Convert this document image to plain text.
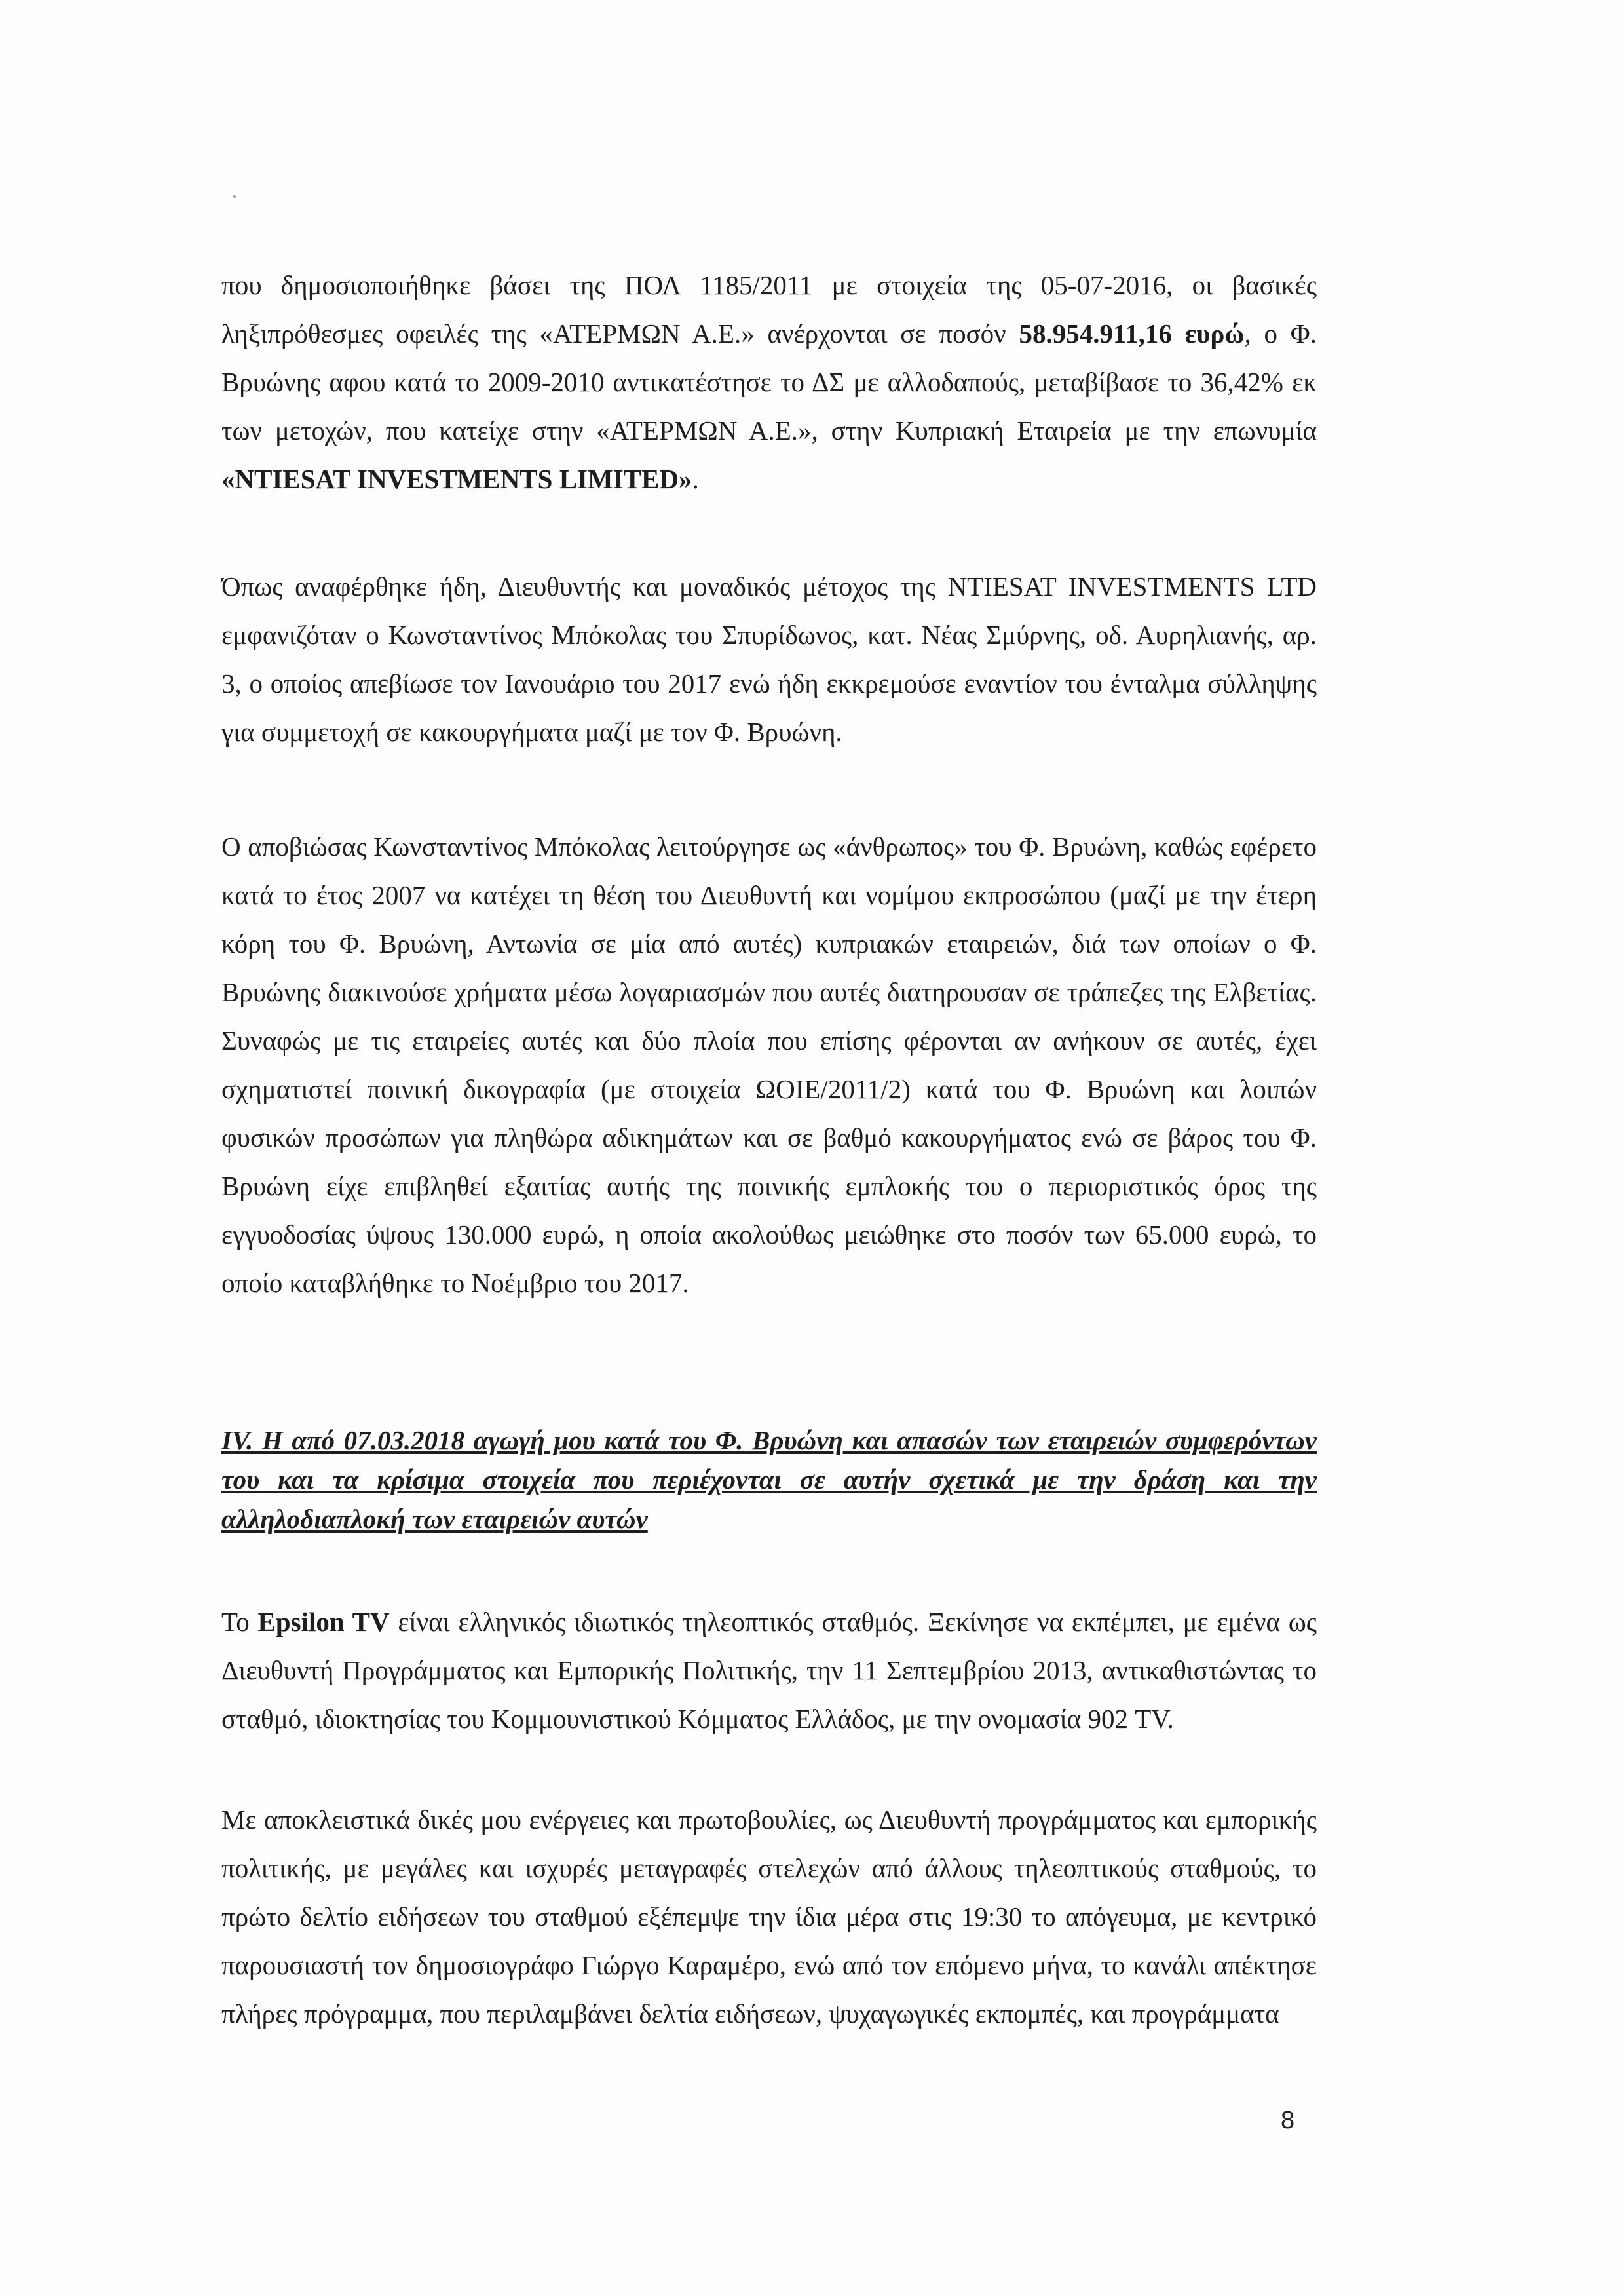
που δημοσιοποιήθηκε βάσει της ΠΟΛ 1185/2011 με στοιχεία της 05-07-2016, οι βασικές ληξιπρόθεσμες οφειλές της «ΑΤΕΡΜΩΝ Α.Ε.» ανέρχονται σε ποσόν 58.954.911,16 ευρώ, ο Φ. Βρυώνης αφου κατά το 2009-2010 αντικατέστησε το ΔΣ με αλλοδαπούς, μεταβίβασε το 36,42% εκ των μετοχών, που κατείχε στην «ΑΤΕΡΜΩΝ Α.Ε.», στην Κυπριακή Εταιρεία με την επωνυμία «NTIESAT INVESTMENTS LIMITED».

Όπως αναφέρθηκε ήδη, Διευθυντής και μοναδικός μέτοχος της NTIESAT INVESTMENTS LTD εμφανιζόταν ο Κωνσταντίνος Μπόκολας του Σπυρίδωνος, κατ. Νέας Σμύρνης, οδ. Αυρηλιανής, αρ. 3, ο οποίος απεβίωσε τον Ιανουάριο του 2017 ενώ ήδη εκκρεμούσε εναντίον του ένταλμα σύλληψης για συμμετοχή σε κακουργήματα μαζί με τον Φ. Βρυώνη.

Ο αποβιώσας Κωνσταντίνος Μπόκολας λειτούργησε ως «άνθρωπος» του Φ. Βρυώνη, καθώς εφέρετο κατά το έτος 2007 να κατέχει τη θέση του Διευθυντή και νομίμου εκπροσώπου (μαζί με την έτερη κόρη του Φ. Βρυώνη, Αντωνία σε μία από αυτές) κυπριακών εταιρειών, διά των οποίων ο Φ. Βρυώνης διακινούσε χρήματα μέσω λογαριασμών που αυτές διατηρουσαν σε τράπεζες της Ελβετίας. Συναφώς με τις εταιρείες αυτές και δύο πλοία που επίσης φέρονται αν ανήκουν σε αυτές, έχει σχηματιστεί ποινική δικογραφία (με στοιχεία ΩΟΙΕ/2011/2) κατά του Φ. Βρυώνη και λοιπών φυσικών προσώπων για πληθώρα αδικημάτων και σε βαθμό κακουργήματος ενώ σε βάρος του Φ. Βρυώνη είχε επιβληθεί εξαιτίας αυτής της ποινικής εμπλοκής του ο περιοριστικός όρος της εγγυοδοσίας ύψους 130.000 ευρώ, η οποία ακολούθως μειώθηκε στο ποσόν των 65.000 ευρώ, το οποίο καταβλήθηκε το Νοέμβριο του 2017.

IV. Η από 07.03.2018 αγωγή μου κατά του Φ. Βρυώνη και απασών των εταιρειών συμφερόντων του και τα κρίσιμα στοιχεία που περιέχονται σε αυτήν σχετικά με την δράση και την αλληλοδιαπλοκή των εταιρειών αυτών

Το Epsilon TV είναι ελληνικός ιδιωτικός τηλεοπτικός σταθμός. Ξεκίνησε να εκπέμπει, με εμένα ως Διευθυντή Προγράμματος και Εμπορικής Πολιτικής, την 11 Σεπτεμβρίου 2013, αντικαθιστώντας το σταθμό, ιδιοκτησίας του Κομμουνιστικού Κόμματος Ελλάδος, με την ονομασία 902 TV.

Με αποκλειστικά δικές μου ενέργειες και πρωτοβουλίες, ως Διευθυντή προγράμματος και εμπορικής πολιτικής, με μεγάλες και ισχυρές μεταγραφές στελεχών από άλλους τηλεοπτικούς σταθμούς, το πρώτο δελτίο ειδήσεων του σταθμού εξέπεμψε την ίδια μέρα στις 19:30 το απόγευμα, με κεντρικό παρουσιαστή τον δημοσιογράφο Γιώργο Καραμέρο, ενώ από τον επόμενο μήνα, το κανάλι απέκτησε πλήρες πρόγραμμα, που περιλαμβάνει δελτία ειδήσεων, ψυχαγωγικές εκπομπές, και προγράμματα

8
